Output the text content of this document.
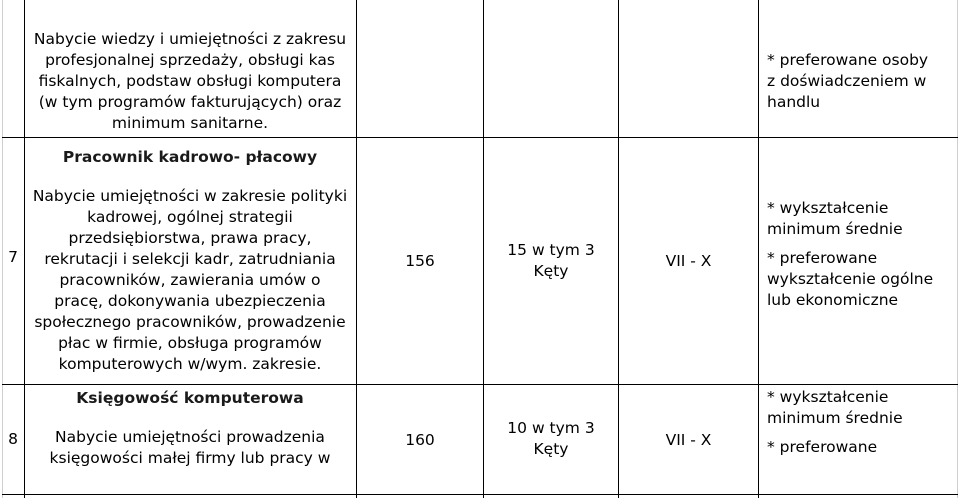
Nabycie wiedzy i umiejętności z zakresu
profesjonalnej sprzedaży, obsługi kas
fiskalnych, podstaw obsługi komputera
(w tym programów fakturujących) oraz
minimum sanitarne.
* preferowane osoby
z doświadczeniem w
handlu
7
Pracownik kadrowo- płacowy
Nabycie umiejętności w zakresie polityki
kadrowej, ogólnej strategii
przedsiębiorstwa, prawa pracy,
rekrutacji i selekcji kadr, zatrudniania
pracowników, zawierania umów o
pracę, dokonywania ubezpieczenia
społecznego pracowników, prowadzenie
płac w firmie, obsługa programów
komputerowych w/wym. zakresie.
156
15 w tym 3
Kęty
VII - X
* wykształcenie
minimum średnie
* preferowane
wykształcenie ogólne
lub ekonomiczne
8
Księgowość komputerowa
Nabycie umiejętności prowadzenia
księgowości małej firmy lub pracy w
160
10 w tym 3
Kęty	VII - X
* wykształcenie
minimum średnie
* preferowane
